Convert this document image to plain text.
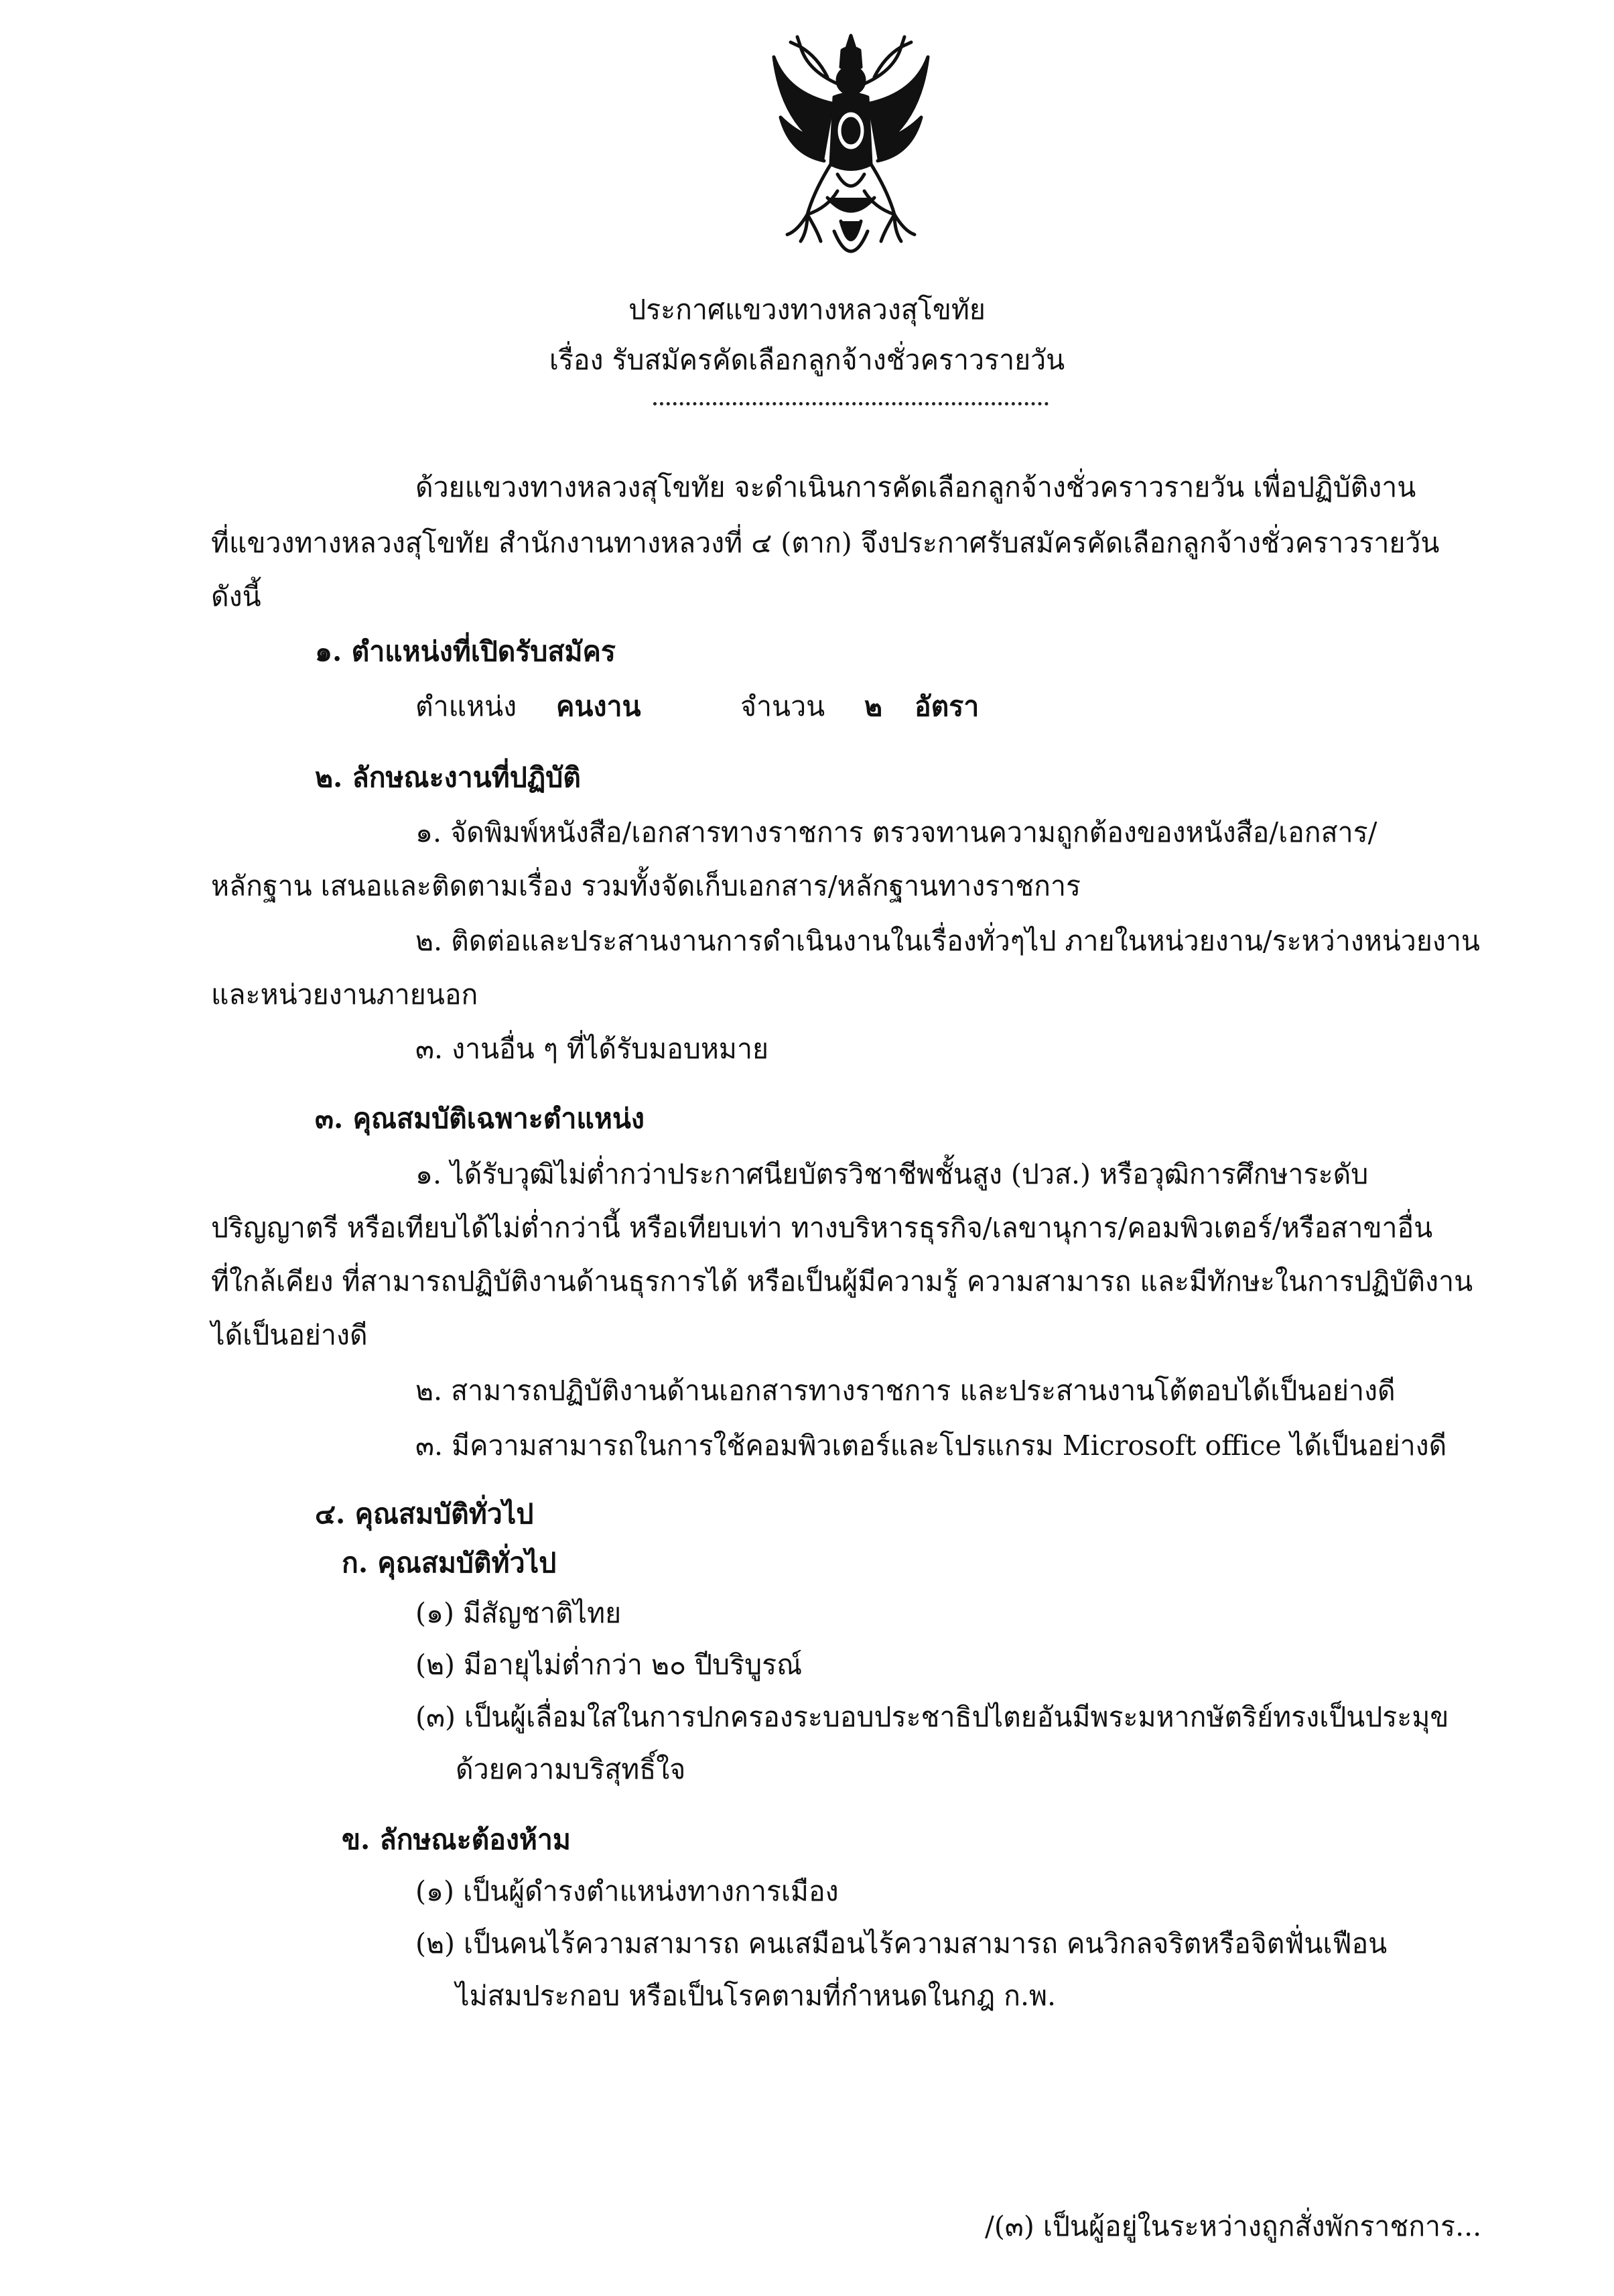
ประกาศแขวงทางหลวงสุโขทัย
เรื่อง รับสมัครคัดเลือกลูกจ้างชั่วคราวรายวัน
ด้วยแขวงทางหลวงสุโขทัย จะดำเนินการคัดเลือกลูกจ้างชั่วคราวรายวัน เพื่อปฏิบัติงาน
ที่แขวงทางหลวงสุโขทัย สำนักงานทางหลวงที่ ๔ (ตาก) จึงประกาศรับสมัครคัดเลือกลูกจ้างชั่วคราวรายวัน
ดังนี้
๑. ตำแหน่งที่เปิดรับสมัคร
ตำแหน่ง คนงาน	จำนวน ๒ อัตรา
๒. ลักษณะงานที่ปฏิบัติ
๑. จัดพิมพ์หนังสือ/เอกสารทางราชการ ตรวจทานความถูกต้องของหนังสือ/เอกสาร/
หลักฐาน เสนอและติดตามเรื่อง รวมทั้งจัดเก็บเอกสาร/หลักฐานทางราชการ
๒. ติดต่อและประสานงานการดำเนินงานในเรื่องทั่วๆไป ภายในหน่วยงาน/ระหว่างหน่วยงาน
และหน่วยงานภายนอก
๓. งานอื่น ๆ ที่ได้รับมอบหมาย
๓. คุณสมบัติเฉพาะตำแหน่ง
๑. ได้รับวุฒิไม่ต่ำกว่าประกาศนียบัตรวิชาชีพชั้นสูง (ปวส.) หรือวุฒิการศึกษาระดับ
ปริญญาตรี หรือเทียบได้ไม่ต่ำกว่านี้ หรือเทียบเท่า ทางบริหารธุรกิจ/เลขานุการ/คอมพิวเตอร์/หรือสาขาอื่น
ที่ใกล้เคียง ที่สามารถปฏิบัติงานด้านธุรการได้ หรือเป็นผู้มีความรู้ ความสามารถ และมีทักษะในการปฏิบัติงาน
ได้เป็นอย่างดี
๒. สามารถปฏิบัติงานด้านเอกสารทางราชการ และประสานงานโต้ตอบได้เป็นอย่างดี
๓. มีความสามารถในการใช้คอมพิวเตอร์และโปรแกรม Microsoft office ได้เป็นอย่างดี
๔. คุณสมบัติทั่วไป
ก. คุณสมบัติทั่วไป
(๑) มีสัญชาติไทย
(๒) มีอายุไม่ต่ำกว่า ๒๐ ปีบริบูรณ์
(๓) เป็นผู้เลื่อมใสในการปกครองระบอบประชาธิปไตยอันมีพระมหากษัตริย์ทรงเป็นประมุข
ด้วยความบริสุทธิ์ใจ
ข. ลักษณะต้องห้าม
(๑) เป็นผู้ดำรงตำแหน่งทางการเมือง
(๒) เป็นคนไร้ความสามารถ คนเสมือนไร้ความสามารถ คนวิกลจริตหรือจิตฟั่นเฟือน
ไม่สมประกอบ หรือเป็นโรคตามที่กำหนดในกฎ ก.พ.
/(๓) เป็นผู้อยู่ในระหว่างถูกสั่งพักราชการ...
